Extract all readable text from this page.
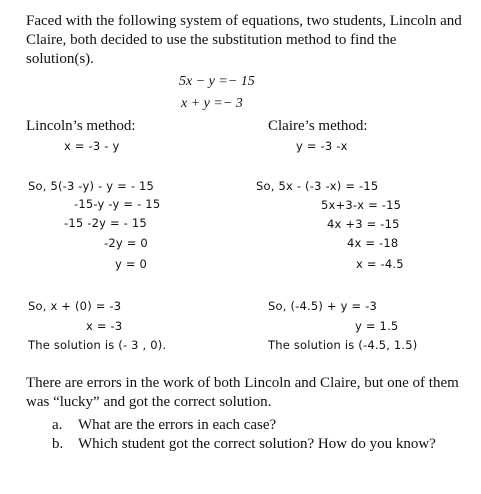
Faced with the following system of equations, two students, Lincoln and Claire, both decided to use the substitution method to find the solution(s).

5x − y =− 15
x + y =− 3
Lincoln’s method:	Claire’s method:
x = -3 - y	y = -3 -x
So, 5(-3 -y) - y = - 15
-15-y -y = - 15
-15 -2y = - 15
-2y = 0
y = 0
So, 5x - (-3 -x) = -15
5x+3-x = -15
4x +3 = -15
4x = -18
x = -4.5
So, x + (0) = -3
x = -3
The solution is (- 3 , 0).
So, (-4.5) + y = -3
y = 1.5
The solution is (-4.5, 1.5)

There are errors in the work of both Lincoln and Claire, but one of them was “lucky” and got the correct solution.

a. What are the errors in each case?
b. Which student got the correct solution? How do you know?
